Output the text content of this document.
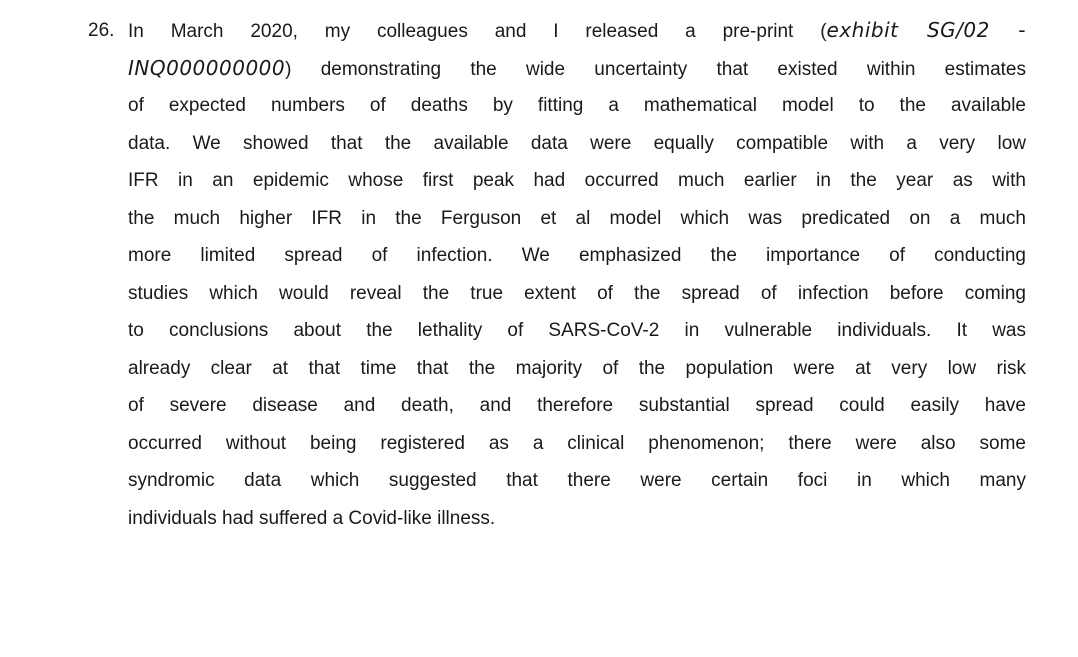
26. In March 2020, my colleagues and I released a pre-print (exhibit SG/02 -
INQ000000000) demonstrating the wide uncertainty that existed within estimates
of expected numbers of deaths by fitting a mathematical model to the available
data. We showed that the available data were equally compatible with a very low
IFR in an epidemic whose first peak had occurred much earlier in the year as with
the much higher IFR in the Ferguson et al model which was predicated on a much
more limited spread of infection. We emphasized the importance of conducting
studies which would reveal the true extent of the spread of infection before coming
to conclusions about the lethality of SARS-CoV-2 in vulnerable individuals. It was
already clear at that time that the majority of the population were at very low risk
of severe disease and death, and therefore substantial spread could easily have
occurred without being registered as a clinical phenomenon; there were also some
syndromic data which suggested that there were certain foci in which many
individuals had suffered a Covid-like illness.
